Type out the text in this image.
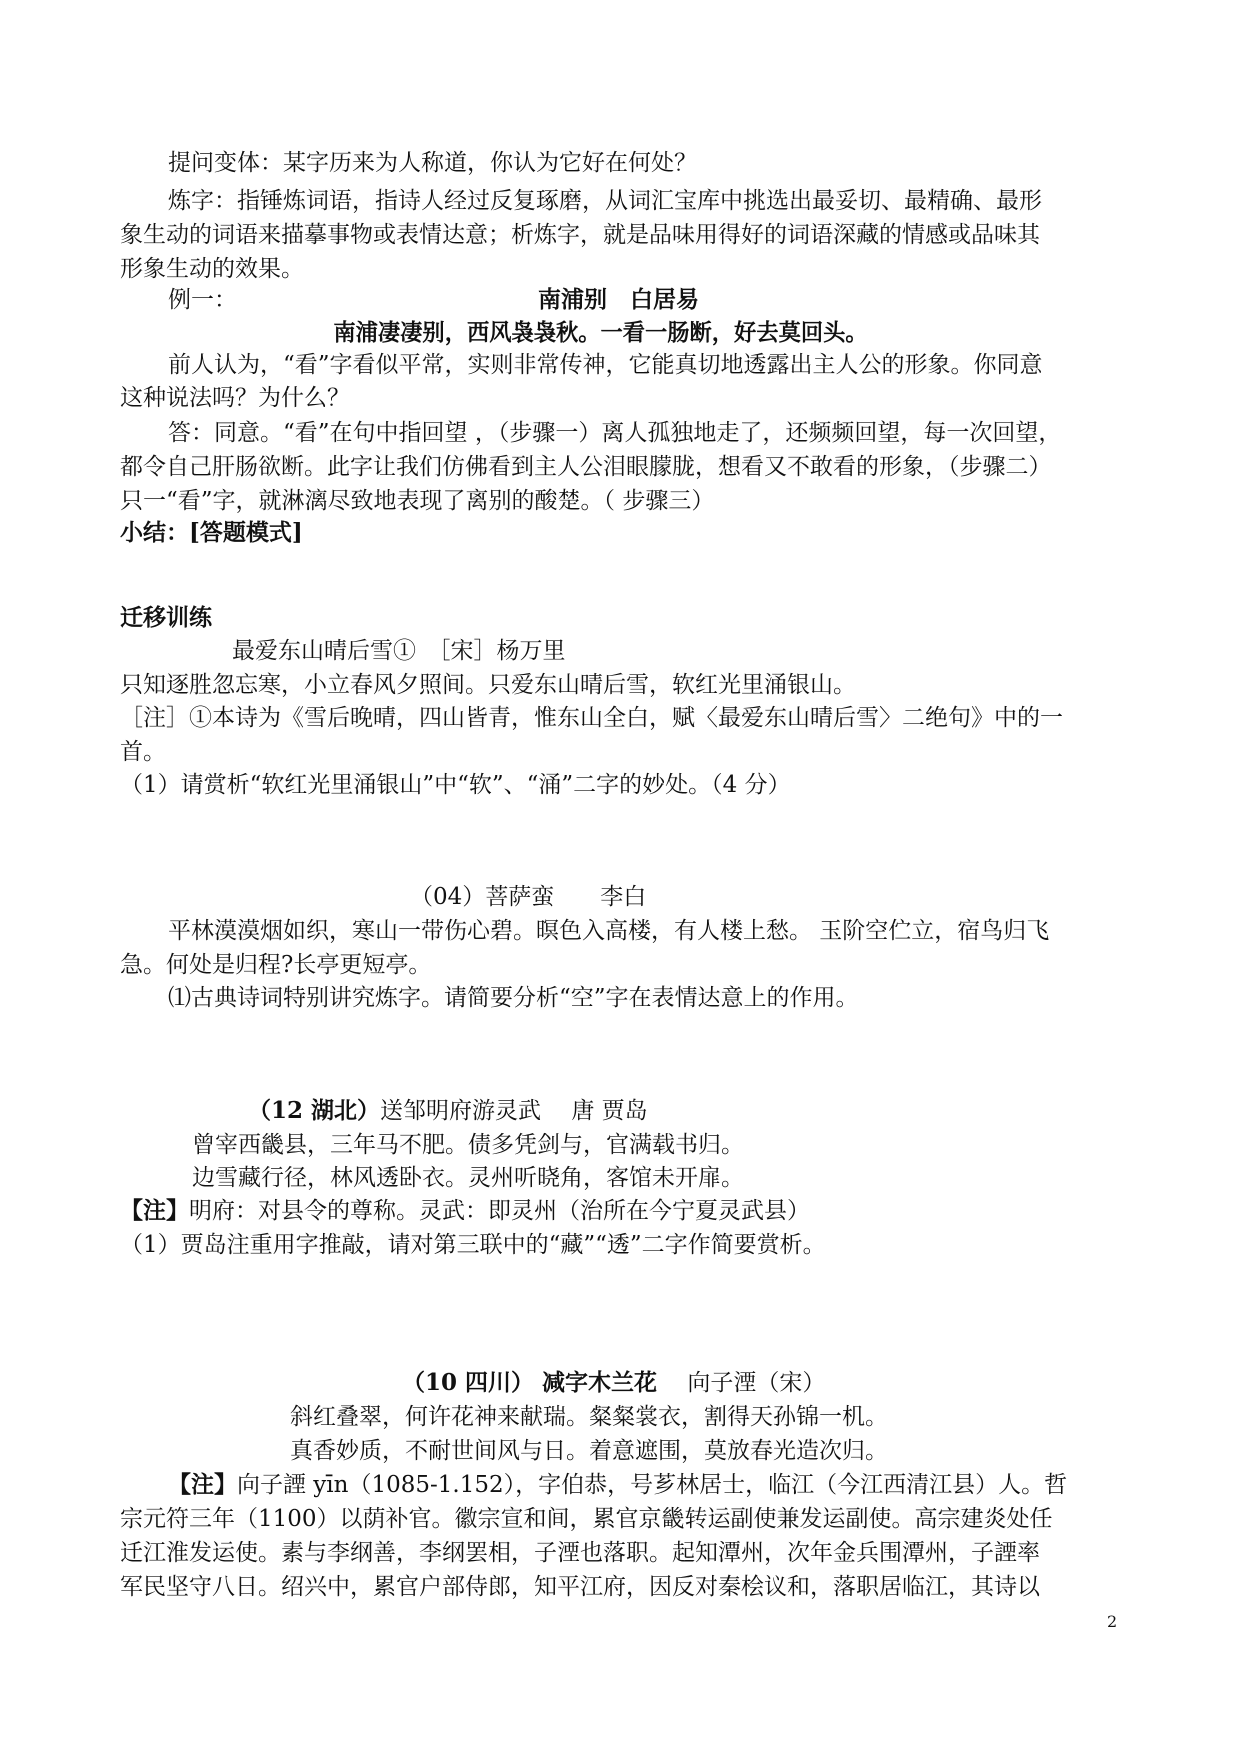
提问变体：某字历来为人称道，你认为它好在何处？
炼字：指锤炼词语，指诗人经过反复琢磨，从词汇宝库中挑选出最妥切、最精确、最形
象生动的词语来描摹事物或表情达意；析炼字，就是品味用得好的词语深藏的情感或品味其
形象生动的效果。
例一：	南浦别　白居易
南浦凄凄别，西风袅袅秋。一看一肠断，好去莫回头。
前人认为，“看”字看似平常，实则非常传神，它能真切地透露出主人公的形象。你同意
这种说法吗？为什么？
答：同意。“看”在句中指回望 ，（步骤一）离人孤独地走了，还频频回望，每一次回望，
都令自己肝肠欲断。此字让我们仿佛看到主人公泪眼朦胧，想看又不敢看的形象，（步骤二）
只一“看”字，就淋漓尽致地表现了离别的酸楚。（ 步骤三）
小结：[答题模式]
迁移训练
最爱东山晴后雪①　［宋］杨万里
只知逐胜忽忘寒，小立春风夕照间。只爱东山晴后雪，软红光里涌银山。
［注］①本诗为《雪后晚晴，四山皆青，惟东山全白，赋〈最爱东山晴后雪〉二绝句》中的一
首。
（1）请赏析“软红光里涌银山”中“软”、“涌”二字的妙处。（4 分）
（04）菩萨蛮　　李白
平林漠漠烟如织，寒山一带伤心碧。暝色入高楼，有人楼上愁。 玉阶空伫立，宿鸟归飞
急。何处是归程?长亭更短亭。
⑴古典诗词特别讲究炼字。请简要分析“空”字在表情达意上的作用。
（12 湖北）送邹明府游灵武　 唐 贾岛
曾宰西畿县，三年马不肥。债多凭剑与，官满载书归。
边雪藏行径，林风透卧衣。灵州听晓角，客馆未开扉。
【注】明府：对县令的尊称。灵武：即灵州（治所在今宁夏灵武县）
（1）贾岛注重用字推敲，请对第三联中的“藏”“透”二字作简要赏析。
（10 四川） 减字木兰花　 向子湮（宋）
斜红叠翠，何许花神来献瑞。粲粲裳衣，割得天孙锦一机。
真香妙质，不耐世间风与日。着意遮围，莫放春光造次归。
【注】向子諲 yīn（1085-1.152），字伯恭，号芗林居士，临江（今江西清江县）人。哲
宗元符三年（1100）以荫补官。徽宗宣和间，累官京畿转运副使兼发运副使。高宗建炎处任
迁江淮发运使。素与李纲善，李纲罢相，子湮也落职。起知潭州，次年金兵围潭州，子諲率
军民坚守八日。绍兴中，累官户部侍郎，知平江府，因反对秦桧议和，落职居临江，其诗以
2
